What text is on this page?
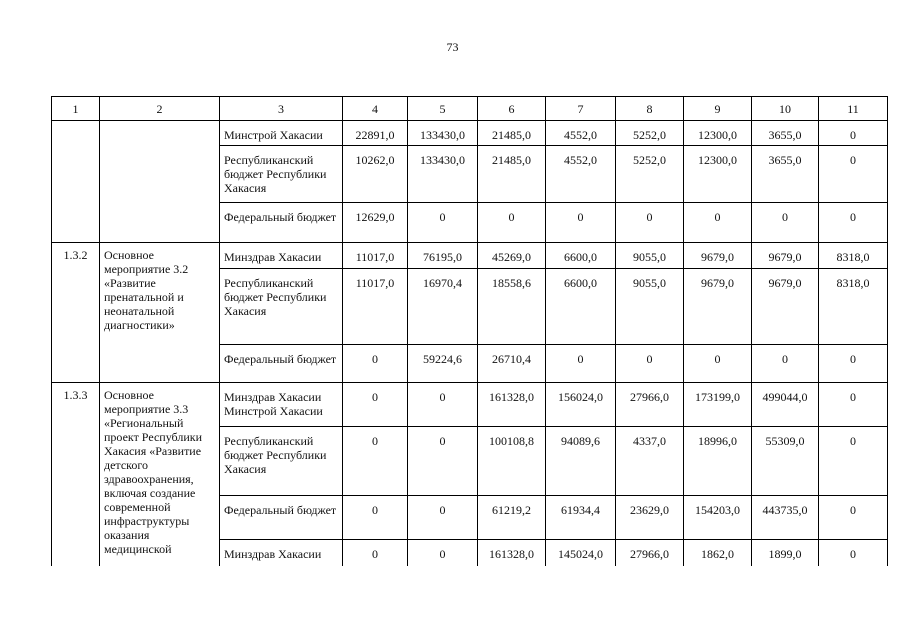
73
1	2	3	4	5	6	7	8	9	10	11
		Минстрой Хакасии	22891,0	133430,0	21485,0	4552,0	5252,0	12300,0	3655,0	0
		Республиканский бюджет Республики Хакасия	10262,0	133430,0	21485,0	4552,0	5252,0	12300,0	3655,0	0
		Федеральный бюджет	12629,0	0	0	0	0	0	0	0
1.3.2	Основное мероприятие 3.2 «Развитие пренатальной и неонатальной диагностики»	Минздрав Хакасии	11017,0	76195,0	45269,0	6600,0	9055,0	9679,0	9679,0	8318,0
		Республиканский бюджет Республики Хакасия	11017,0	16970,4	18558,6	6600,0	9055,0	9679,0	9679,0	8318,0
		Федеральный бюджет	0	59224,6	26710,4	0	0	0	0	0
1.3.3	Основное мероприятие 3.3 «Региональный проект Республики Хакасия «Развитие детского здравоохранения, включая создание современной инфраструктуры оказания медицинской	Минздрав Хакасии Минстрой Хакасии	0	0	161328,0	156024,0	27966,0	173199,0	499044,0	0
		Республиканский бюджет Республики Хакасия	0	0	100108,8	94089,6	4337,0	18996,0	55309,0	0
		Федеральный бюджет	0	0	61219,2	61934,4	23629,0	154203,0	443735,0	0
		Минздрав Хакасии	0	0	161328,0	145024,0	27966,0	1862,0	1899,0	0
